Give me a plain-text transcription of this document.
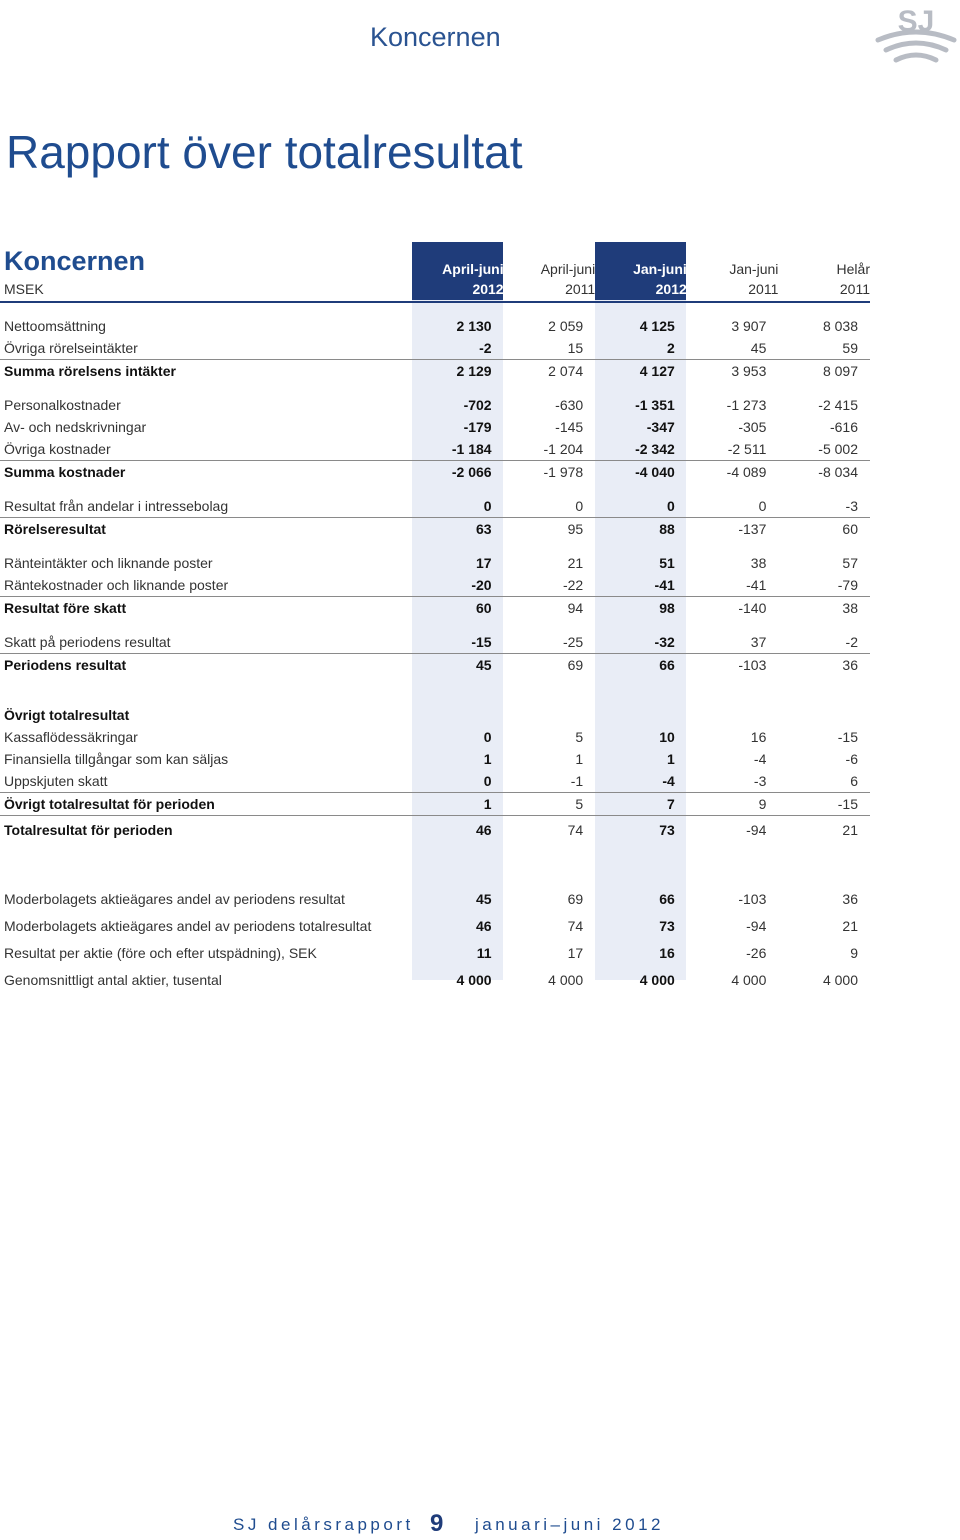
Koncernen	SJ
Rapport över totalresultat
Koncernen	April-juni	April-juni	Jan-juni	Jan-juni	Helår
MSEK	2012	2011	2012	2011	2011

Nettoomsättning	2 130	2 059	4 125	3 907	8 038
Övriga rörelseintäkter	-2	15	2	45	59
Summa rörelsens intäkter	2 129	2 074	4 127	3 953	8 097

Personalkostnader	-702	-630	-1 351	-1 273	-2 415
Av- och nedskrivningar	-179	-145	-347	-305	-616
Övriga kostnader	-1 184	-1 204	-2 342	-2 511	-5 002
Summa kostnader	-2 066	-1 978	-4 040	-4 089	-8 034

Resultat från andelar i intressebolag	0	0	0	0	-3
Rörelseresultat	63	95	88	-137	60

Ränteintäkter och liknande poster	17	21	51	38	57
Räntekostnader och liknande poster	-20	-22	-41	-41	-79
Resultat före skatt	60	94	98	-140	38

Skatt på periodens resultat	-15	-25	-32	37	-2
Periodens resultat	45	69	66	-103	36

Övrigt totalresultat					
Kassaflödessäkringar	0	5	10	16	-15
Finansiella tillgångar som kan säljas	1	1	1	-4	-6
Uppskjuten skatt	0	-1	-4	-3	6
Övrigt totalresultat för perioden	1	5	7	9	-15
Totalresultat för perioden	46	74	73	-94	21

Moderbolagets aktieägares andel av periodens resultat	45	69	66	-103	36
Moderbolagets aktieägares andel av periodens totalresultat	46	74	73	-94	21
Resultat per aktie (före och efter utspädning), SEK	11	17	16	-26	9
Genomsnittligt antal aktier, tusental	4 000	4 000	4 000	4 000	4 000
SJ delårsrapport 9 januari–juni 2012
